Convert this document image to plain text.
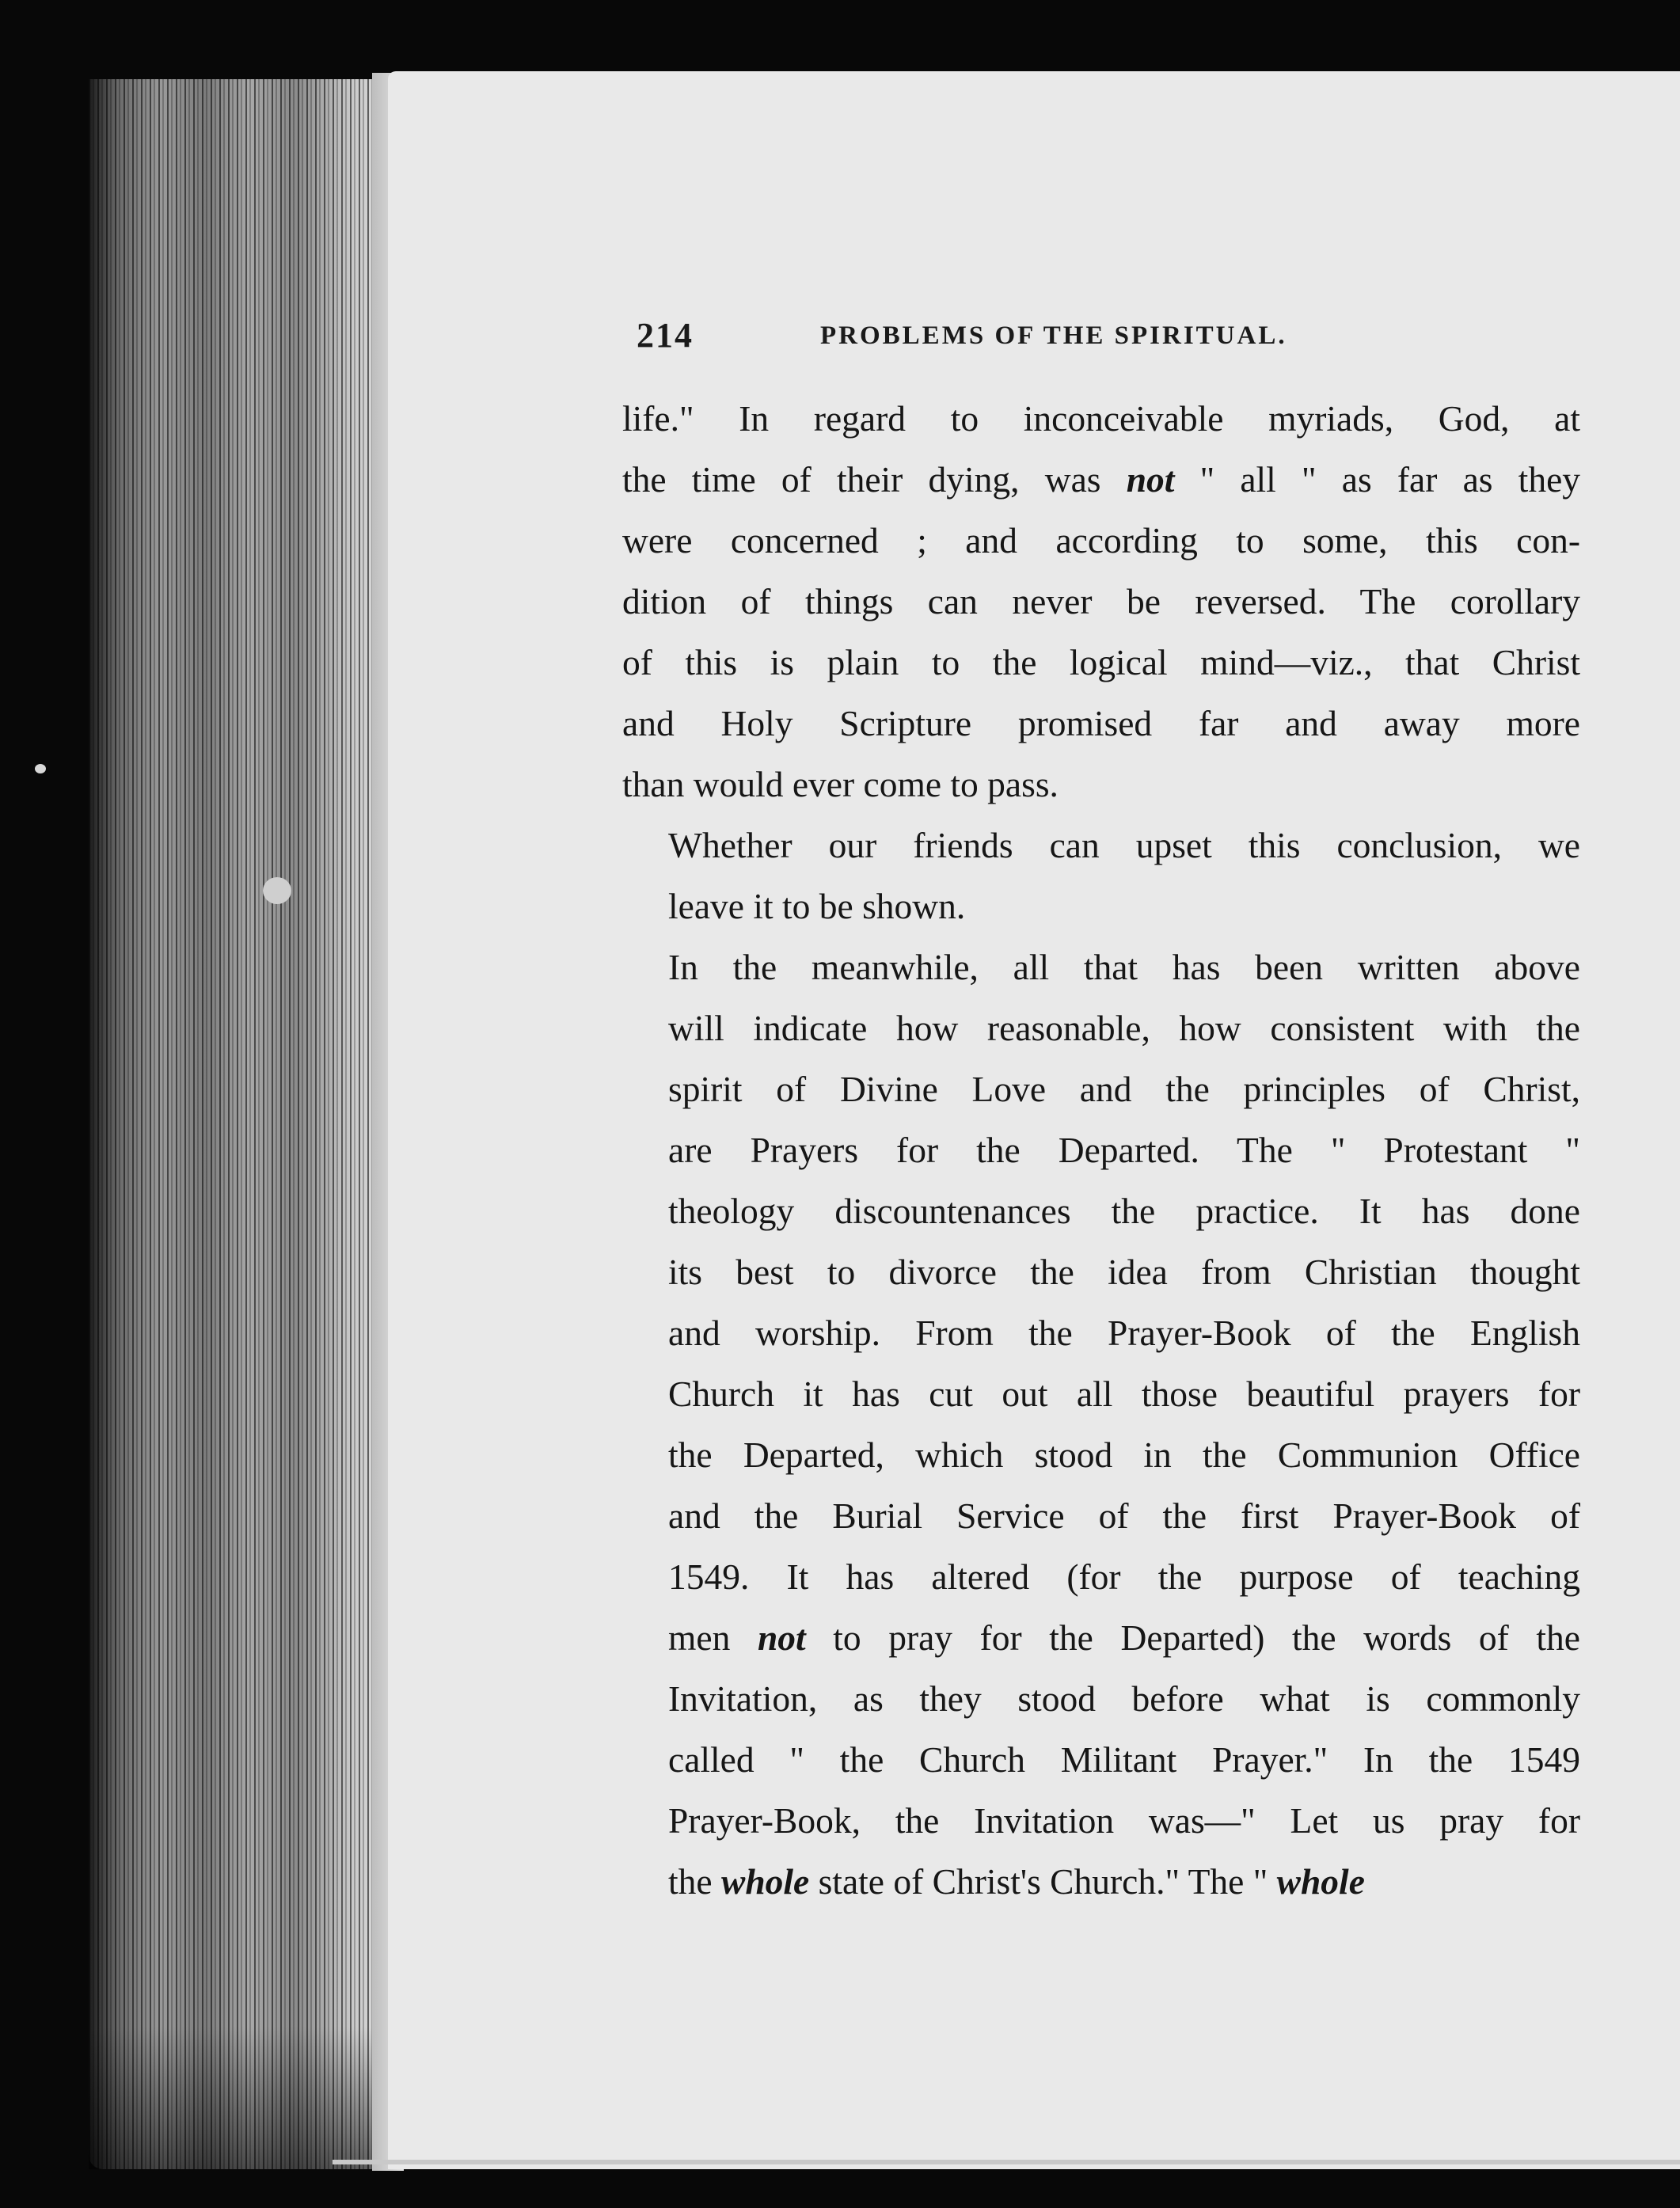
214	PROBLEMS OF THE SPIRITUAL.

life." In regard to inconceivable myriads, God, at
the time of their dying, was not " all " as far as they
were concerned ; and according to some, this con-
dition of things can never be reversed. The corollary
of this is plain to the logical mind—viz., that Christ
and Holy Scripture promised far and away more
than would ever come to pass.

Whether our friends can upset this conclusion, we
leave it to be shown.

In the meanwhile, all that has been written above
will indicate how reasonable, how consistent with the
spirit of Divine Love and the principles of Christ,
are Prayers for the Departed. The " Protestant "
theology discountenances the practice. It has done
its best to divorce the idea from Christian thought
and worship. From the Prayer-Book of the English
Church it has cut out all those beautiful prayers for
the Departed, which stood in the Communion Office
and the Burial Service of the first Prayer-Book of
1549. It has altered (for the purpose of teaching
men not to pray for the Departed) the words of the
Invitation, as they stood before what is commonly
called " the Church Militant Prayer." In the 1549
Prayer-Book, the Invitation was—" Let us pray for
the whole state of Christ's Church." The " whole
